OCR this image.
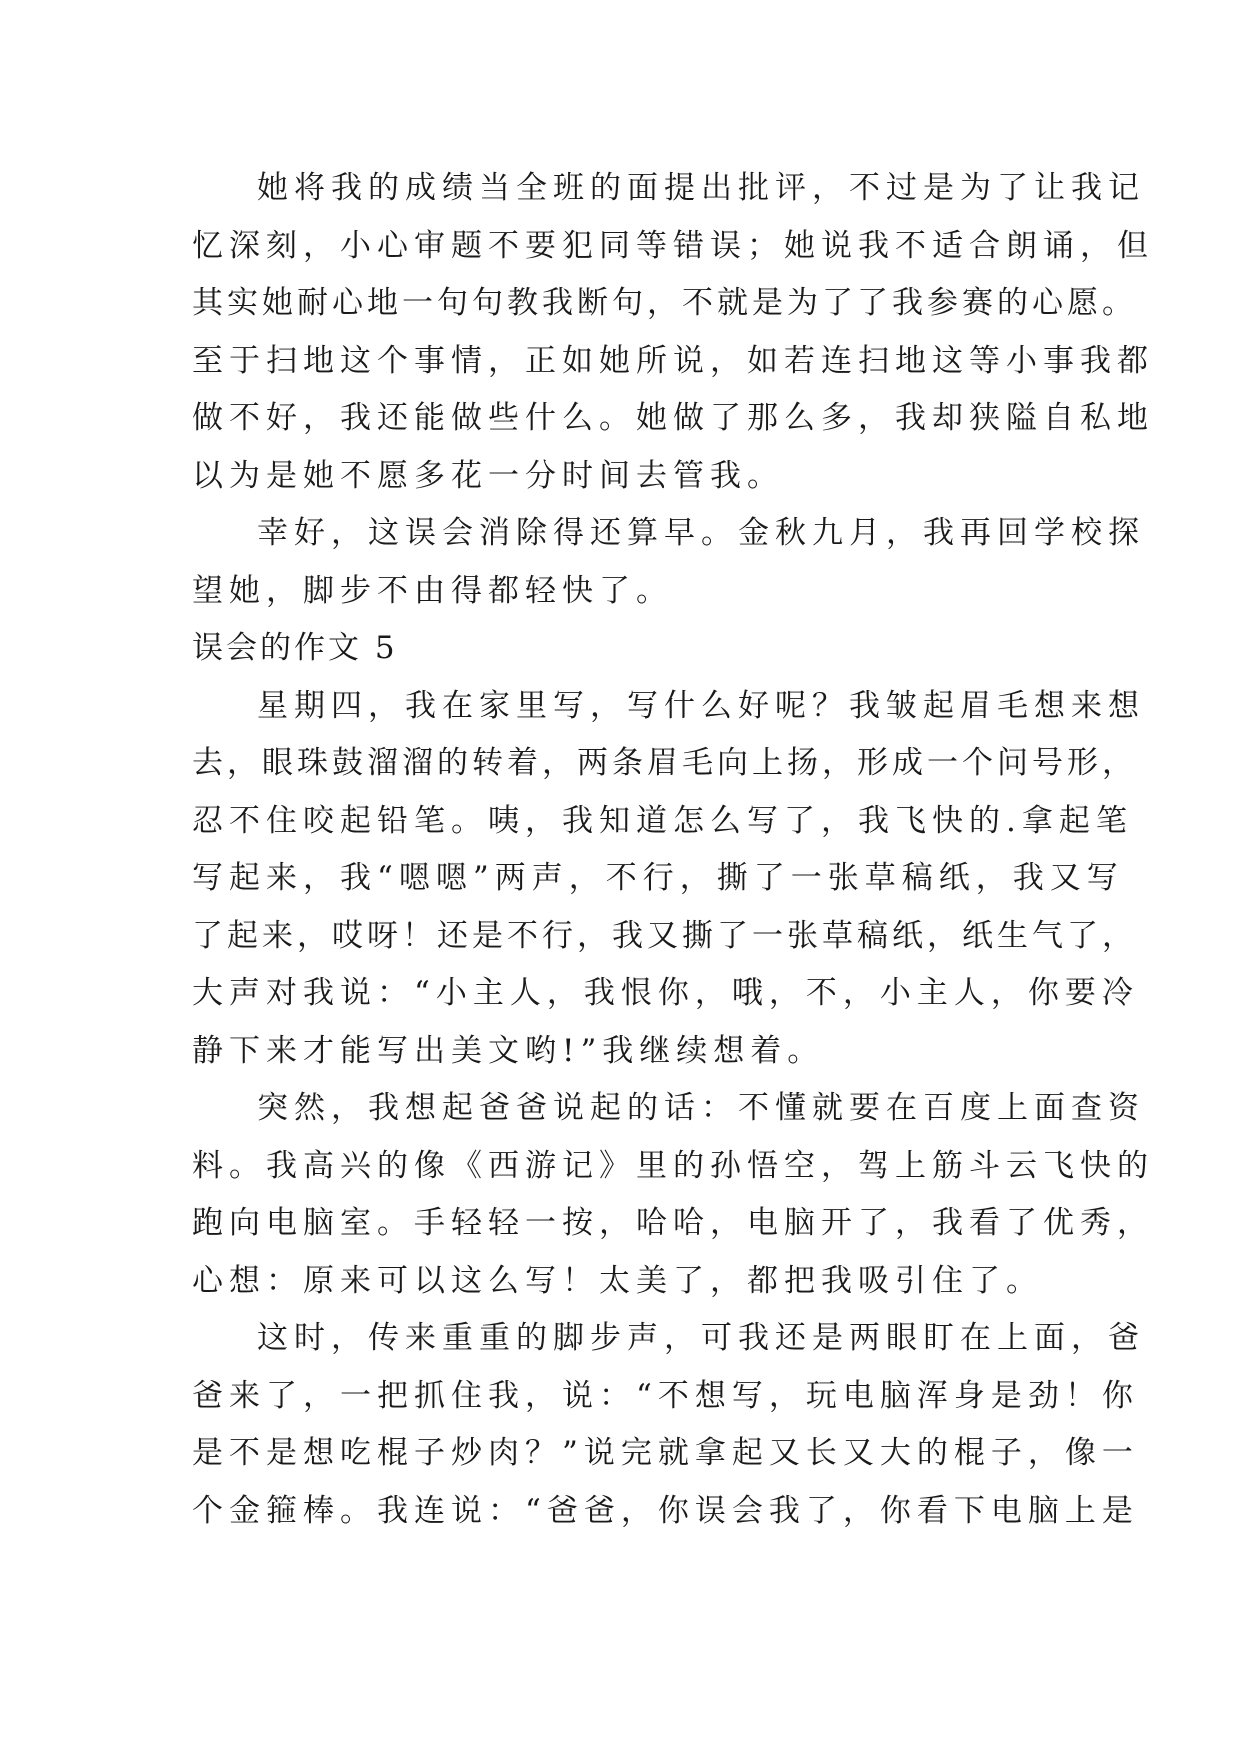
她将我的成绩当全班的面提出批评，不过是为了让我记
忆深刻，小心审题不要犯同等错误；她说我不适合朗诵，但
其实她耐心地一句句教我断句，不就是为了了我参赛的心愿。
至于扫地这个事情，正如她所说，如若连扫地这等小事我都
做不好，我还能做些什么。她做了那么多，我却狭隘自私地
以为是她不愿多花一分时间去管我。
幸好，这误会消除得还算早。金秋九月，我再回学校探
望她，脚步不由得都轻快了。
误会的作文 5
星期四，我在家里写，写什么好呢？我皱起眉毛想来想
去，眼珠鼓溜溜的转着，两条眉毛向上扬，形成一个问号形，
忍不住咬起铅笔。咦，我知道怎么写了，我飞快的.拿起笔
写起来，我“嗯嗯”两声，不行，撕了一张草稿纸，我又写
了起来，哎呀！还是不行，我又撕了一张草稿纸，纸生气了，
大声对我说：“小主人，我恨你，哦，不，小主人，你要冷
静下来才能写出美文哟!”我继续想着。
突然，我想起爸爸说起的话：不懂就要在百度上面查资
料。我高兴的像《西游记》里的孙悟空，驾上筋斗云飞快的
跑向电脑室。手轻轻一按，哈哈，电脑开了，我看了优秀，
心想：原来可以这么写！太美了，都把我吸引住了。
这时，传来重重的脚步声，可我还是两眼盯在上面，爸
爸来了，一把抓住我，说：“不想写，玩电脑浑身是劲！你
是不是想吃棍子炒肉？”说完就拿起又长又大的棍子，像一
个金箍棒。我连说：“爸爸，你误会我了，你看下电脑上是
